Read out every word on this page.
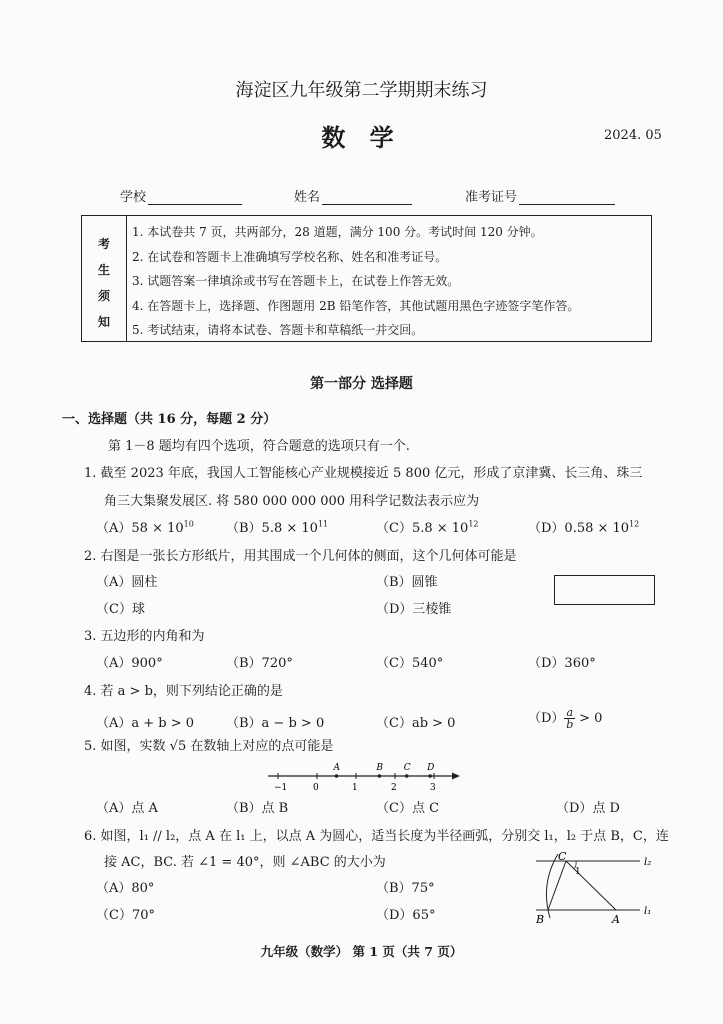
海淀区九年级第二学期期末练习
数 学	2024. 05
学校	姓名	准考证号
考
生
须
知
1. 本试卷共 7 页，共两部分，28 道题，满分 100 分。考试时间 120 分钟。
2. 在试卷和答题卡上准确填写学校名称、姓名和准考证号。
3. 试题答案一律填涂或书写在答题卡上，在试卷上作答无效。
4. 在答题卡上，选择题、作图题用 2B 铅笔作答，其他试题用黑色字迹签字笔作答。
5. 考试结束，请将本试卷、答题卡和草稿纸一并交回。
第一部分 选择题
一、选择题（共 16 分，每题 2 分）
第 1－8 题均有四个选项，符合题意的选项只有一个.
1. 截至 2023 年底，我国人工智能核心产业规模接近 5 800 亿元，形成了京津冀、长三角、珠三
角三大集聚发展区. 将 580 000 000 000 用科学记数法表示应为
$(A)58 \times 10^{10}$ $(B)5.8 \times 10^{11}$	$(C)5.8 \times 10^{12}$	$(D)0.58 \times 10^{12}$
2. 右图是一张长方形纸片，用其围成一个几何体的侧面，这个几何体可能是
（A）圆柱	（B）圆锥
（C）球	（D）三棱锥
3. 五边形的内角和为
（A）900°	（B）720°	（C）540°	（D）360°
4. 若 a > b，则下列结论正确的是
（A）a + b > 0 （B）a − b > 0	（C）ab > 0	$(D) \frac{a}{b} > 0$
5. 如图，实数 √5 在数轴上对应的点可能是
−1	0	1	2	3
A	B C D
（A）点 A	（B）点 B	（C）点 C	（D）点 D
6. 如图，l₁ // l₂，点 A 在 l₁ 上，以点 A 为圆心，适当长度为半径画弧，分别交 l₁，l₂ 于点 B，C，连
接 AC，BC. 若 ∠1 = 40°，则 ∠ABC 的大小为
（A）80°	（B）75°
（C）70°	（D）65°
C
1
B	A
l₂
l₁
九年级（数学） 第 1 页（共 7 页）
